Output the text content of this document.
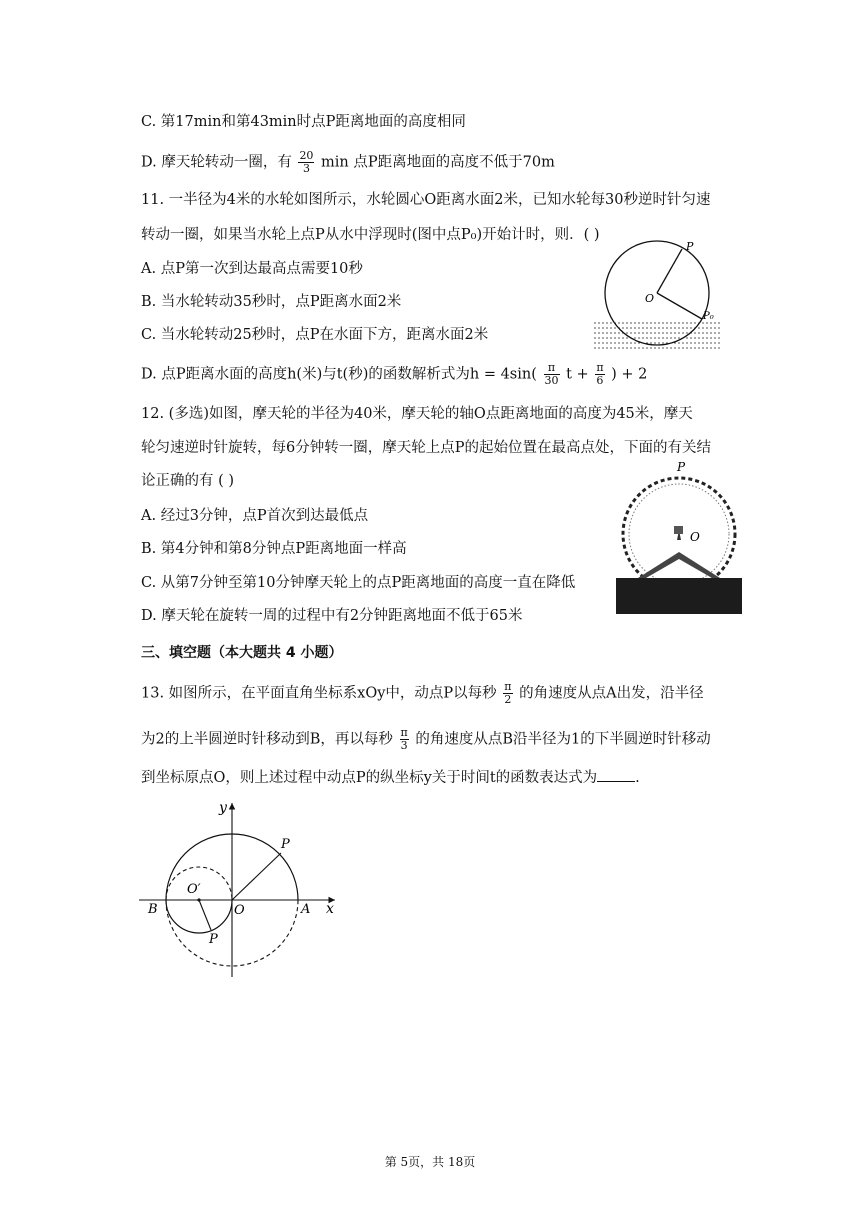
C. 第17min和第43min时点P距离地面的高度相同
D. 摩天轮转动一圈，有 $\frac{20}{3}$ min 点P距离地面的高度不低于70m
11. 一半径为4米的水轮如图所示，水轮圆心O距离水面2米，已知水轮每30秒逆时针匀速
转动一圈，如果当水轮上点P从水中浮现时(图中点P₀)开始计时，则．( )
A. 点P第一次到达最高点需要10秒
B. 当水轮转动35秒时，点P距离水面2米
C. 当水轮转动25秒时，点P在水面下方，距离水面2米
D. 点P距离水面的高度h(米)与t(秒)的函数解析式为$h = 4\sin( \frac{\pi}{30}$ $t + \frac{\pi}{6}$ ) + 2
P
O
P₀
12. (多选)如图，摩天轮的半径为40米，摩天轮的轴O点距离地面的高度为45米，摩天
轮匀速逆时针旋转，每6分钟转一圈，摩天轮上点P的起始位置在最高点处，下面的有关结
论正确的有 ( )
A. 经过3分钟，点P首次到达最低点
B. 第4分钟和第8分钟点P距离地面一样高
C. 从第7分钟至第10分钟摩天轮上的点P距离地面的高度一直在降低
D. 摩天轮在旋转一周的过程中有2分钟距离地面不低于65米
P
O
三、填空题（本大题共 4 小题）
13. 如图所示，在平面直角坐标系xOy中，动点P以每秒 $\frac{\pi}{2}$ 的角速度从点A出发，沿半径
为2的上半圆逆时针移动到B，再以每秒 $\frac{\pi}{3}$ 的角速度从点B沿半径为1的下半圆逆时针移动
到坐标原点O，则上述过程中动点P的纵坐标y关于时间t的函数表达式为	.
y
x
P
O′
B	O	A
P
第 5页，共 18页
